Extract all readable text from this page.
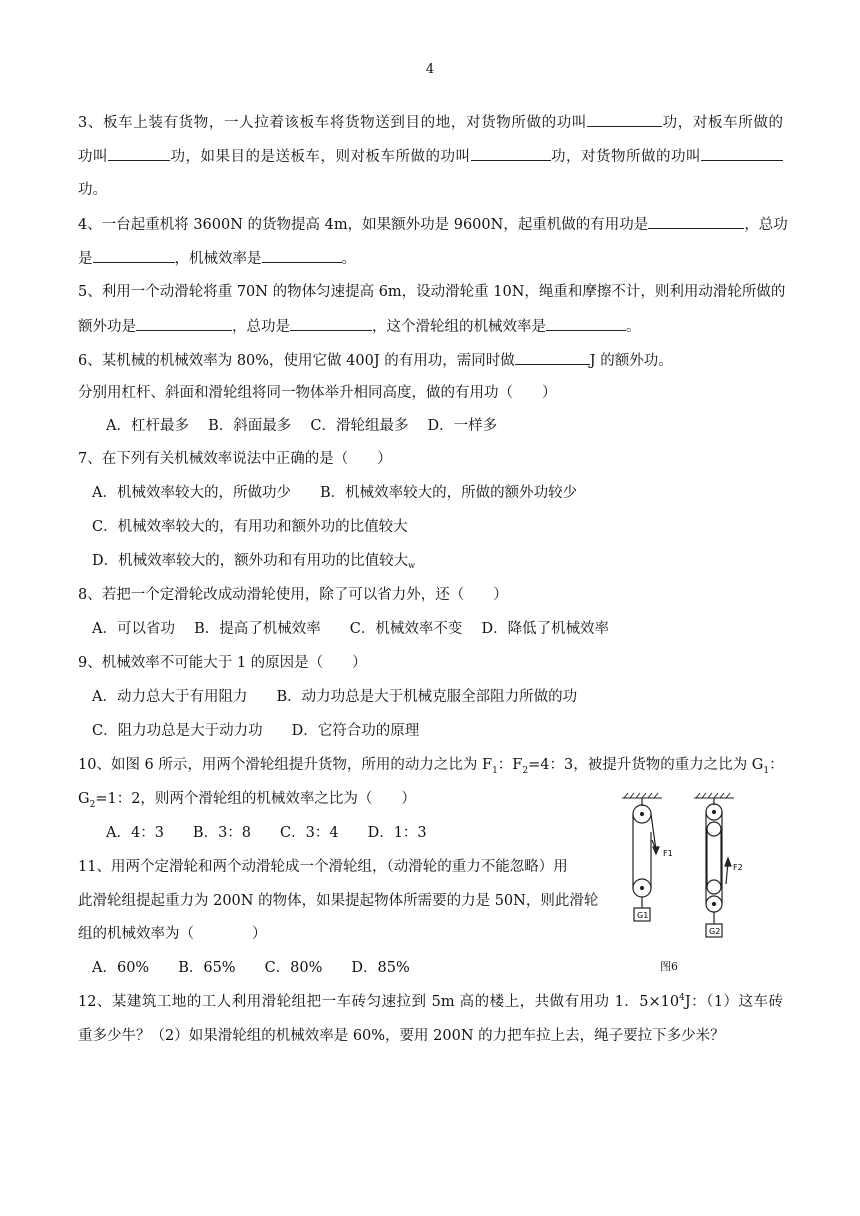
4
3、板车上装有货物，一人拉着该板车将货物送到目的地，对货物所做的功叫	功，对板车所做的
功叫	功，如果目的是送板车，则对板车所做的功叫	功，对货物所做的功叫
功。
4、一台起重机将 3600N 的货物提高 4m，如果额外功是 9600N，起重机做的有用功是	，总功
是	，机械效率是	。
5、利用一个动滑轮将重 70N 的物体匀速提高 6m，设动滑轮重 10N，绳重和摩擦不计，则利用动滑轮所做的
额外功是	，总功是	，这个滑轮组的机械效率是	。
6、某机械的机械效率为 80%，使用它做 400J 的有用功，需同时做	J 的额外功。
分别用杠杆、斜面和滑轮组将同一物体举升相同高度，做的有用功（　　）
A．杠杆最多　 B．斜面最多　 C．滑轮组最多　 D．一样多
7、在下列有关机械效率说法中正确的是（　　）
A．机械效率较大的，所做功少　　B．机械效率较大的，所做的额外功较少
C．机械效率较大的，有用功和额外功的比值较大
D．机械效率较大的，额外功和有用功的比值较大$_w$
8、若把一个定滑轮改成动滑轮使用，除了可以省力外，还（　　）
A．可以省功　 B．提高了机械效率　　C．机械效率不变　 D．降低了机械效率
9、机械效率不可能大于 1 的原因是（　　）
A．动力总大于有用阻力　　B．动力功总是大于机械克服全部阻力所做的功
C．阻力功总是大于动力功　　D．它符合功的原理
10、如图 6 所示，用两个滑轮组提升货物，所用的动力之比为 $F_1$：$F_2=4$：3，被提升货物的重力之比为 $G_1$：
$G_2=1$：2，则两个滑轮组的机械效率之比为（　　）
A．4：3　　B．3：8　　C．3：4　　D．1：3
11、用两个定滑轮和两个动滑轮成一个滑轮组，（动滑轮的重力不能忽略）用
此滑轮组提起重力为 200N 的物体，如果提起物体所需要的力是 50N，则此滑轮
组的机械效率为（　　　　）
A．60%　　B．65%　　C．80%　　D．85%
12、某建筑工地的工人利用滑轮组把一车砖匀速拉到 5m 高的楼上，共做有用功 1．$5\times 10^4J$：（1）这车砖
重多少牛？（2）如果滑轮组的机械效率是 60%，要用 200N 的力把车拉上去，绳子要拉下多少米？
F1
F2
G1
G2
图6
